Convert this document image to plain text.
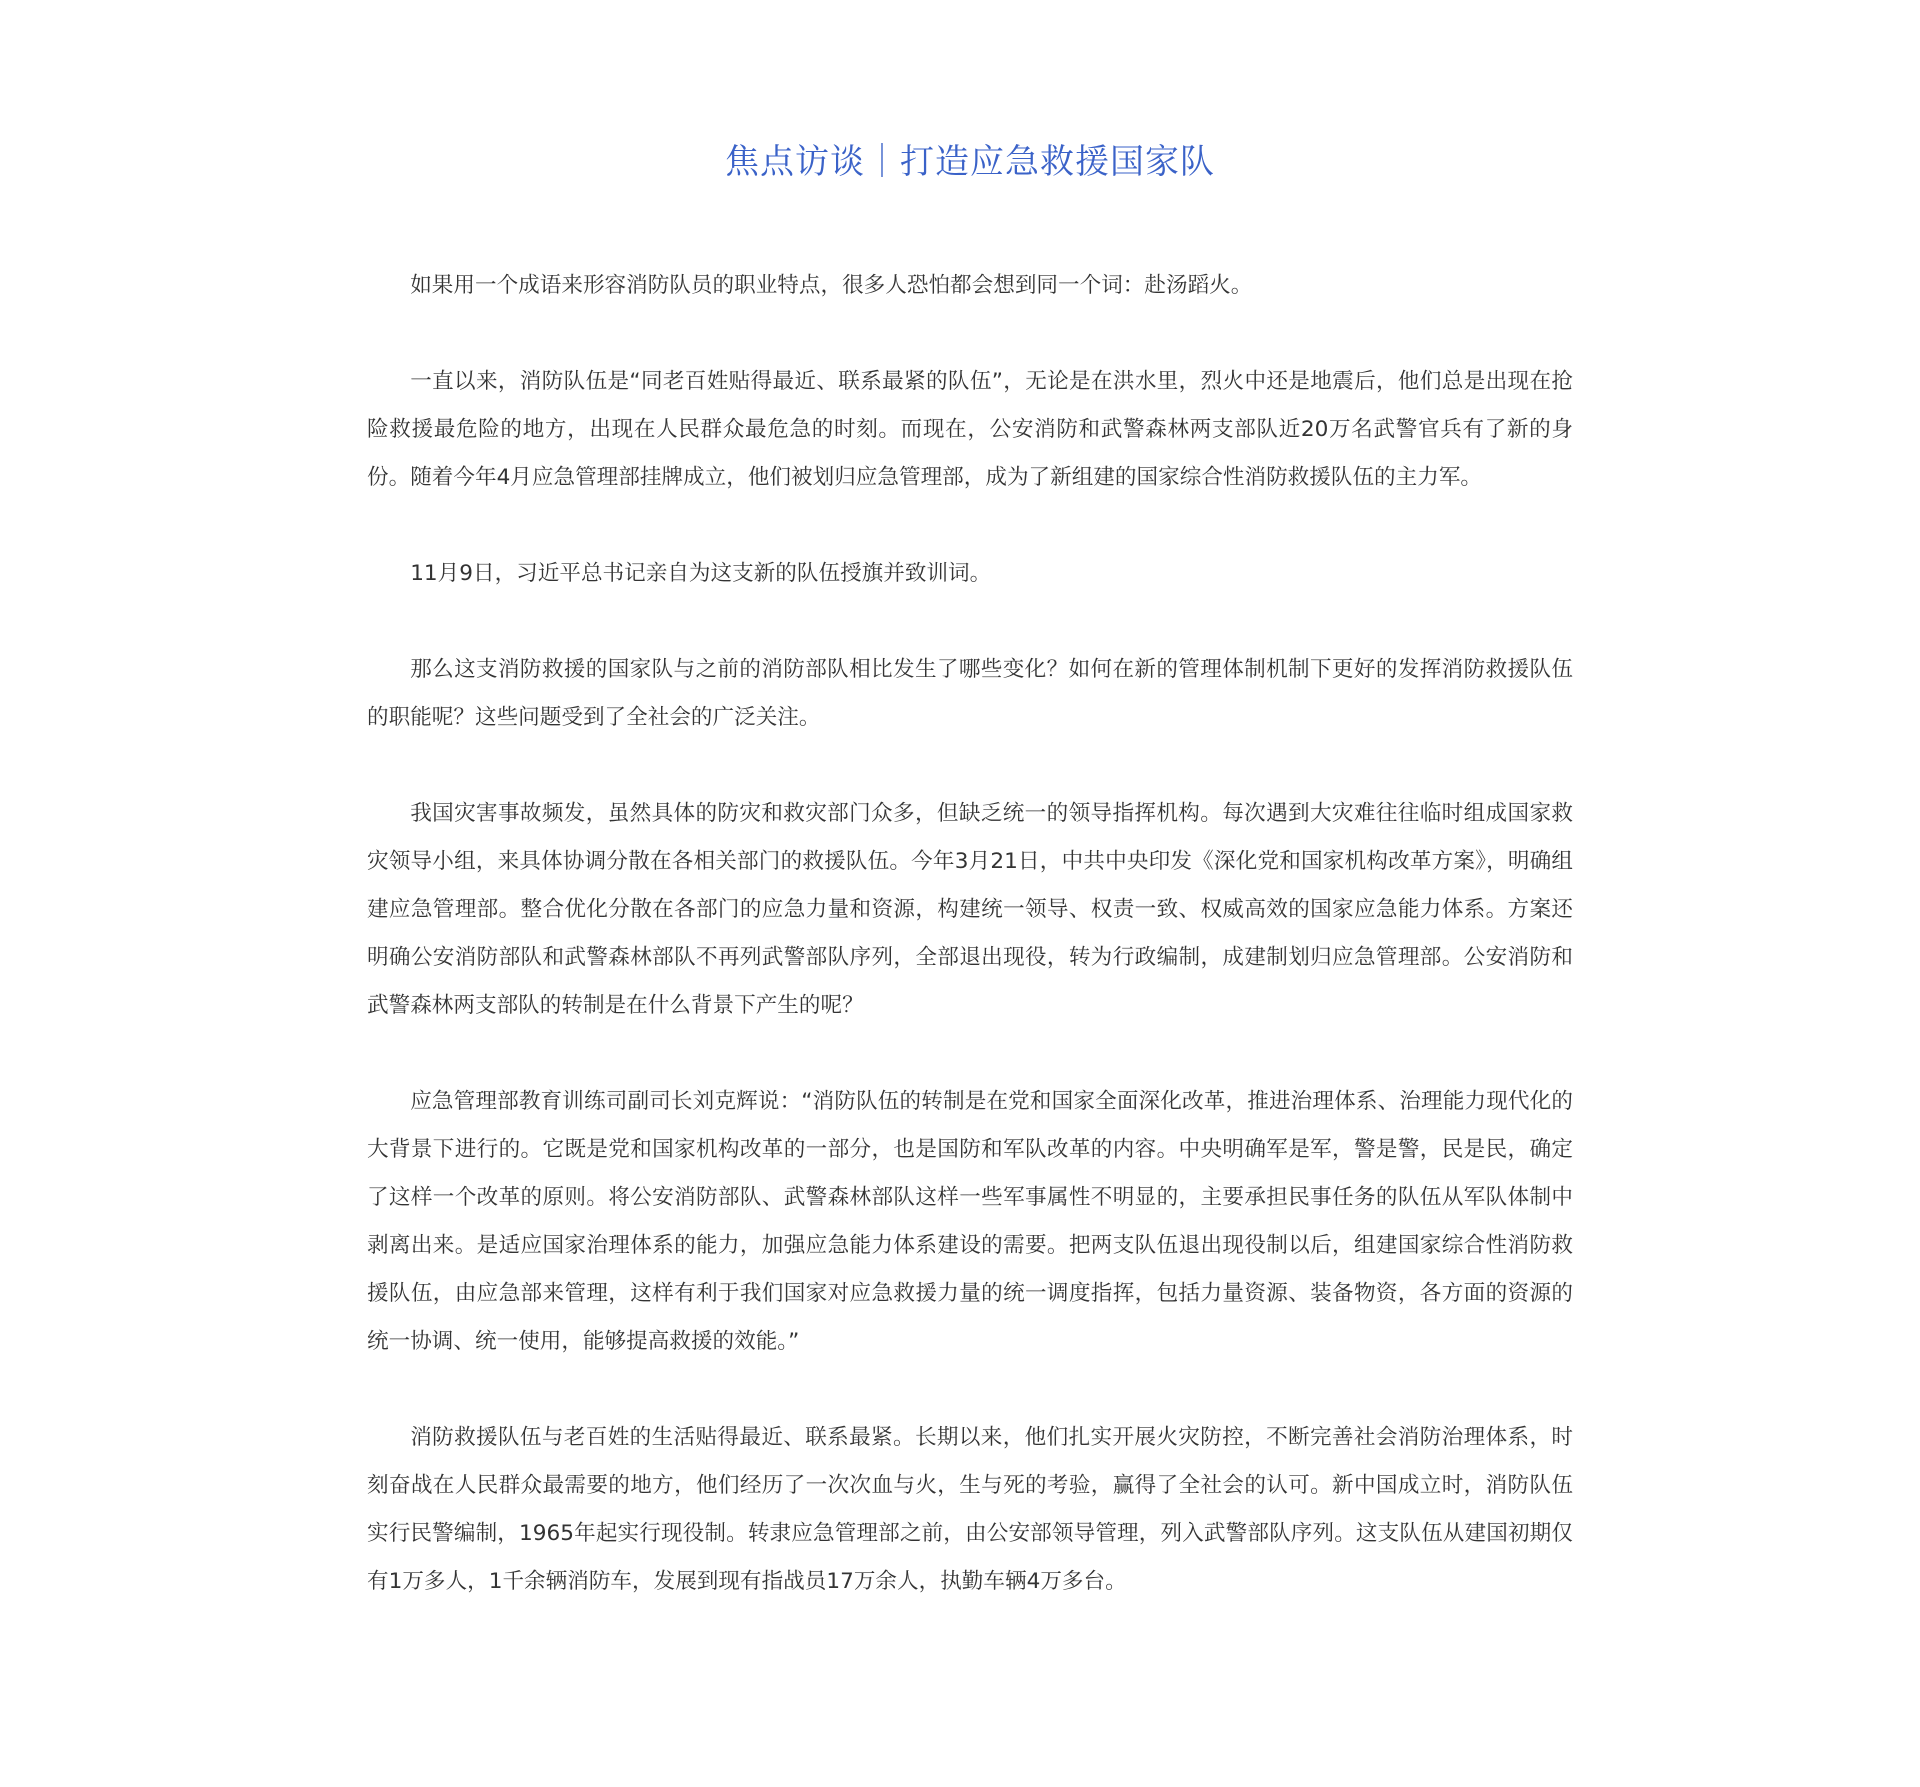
焦点访谈｜打造应急救援国家队

如果用一个成语来形容消防队员的职业特点，很多人恐怕都会想到同一个词：赴汤蹈火。

一直以来，消防队伍是“同老百姓贴得最近、联系最紧的队伍”，无论是在洪水里，烈火中还是地震后，他们总是出现在抢险救援最危险的地方，出现在人民群众最危急的时刻。而现在，公安消防和武警森林两支部队近20万名武警官兵有了新的身份。随着今年4月应急管理部挂牌成立，他们被划归应急管理部，成为了新组建的国家综合性消防救援队伍的主力军。

11月9日，习近平总书记亲自为这支新的队伍授旗并致训词。

那么这支消防救援的国家队与之前的消防部队相比发生了哪些变化？如何在新的管理体制机制下更好的发挥消防救援队伍的职能呢？这些问题受到了全社会的广泛关注。

我国灾害事故频发，虽然具体的防灾和救灾部门众多，但缺乏统一的领导指挥机构。每次遇到大灾难往往临时组成国家救灾领导小组，来具体协调分散在各相关部门的救援队伍。今年3月21日，中共中央印发《深化党和国家机构改革方案》，明确组建应急管理部。整合优化分散在各部门的应急力量和资源，构建统一领导、权责一致、权威高效的国家应急能力体系。方案还明确公安消防部队和武警森林部队不再列武警部队序列，全部退出现役，转为行政编制，成建制划归应急管理部。公安消防和武警森林两支部队的转制是在什么背景下产生的呢？

应急管理部教育训练司副司长刘克辉说：“消防队伍的转制是在党和国家全面深化改革，推进治理体系、治理能力现代化的大背景下进行的。它既是党和国家机构改革的一部分，也是国防和军队改革的内容。中央明确军是军，警是警，民是民，确定了这样一个改革的原则。将公安消防部队、武警森林部队这样一些军事属性不明显的，主要承担民事任务的队伍从军队体制中剥离出来。是适应国家治理体系的能力，加强应急能力体系建设的需要。把两支队伍退出现役制以后，组建国家综合性消防救援队伍，由应急部来管理，这样有利于我们国家对应急救援力量的统一调度指挥，包括力量资源、装备物资，各方面的资源的统一协调、统一使用，能够提高救援的效能。”

消防救援队伍与老百姓的生活贴得最近、联系最紧。长期以来，他们扎实开展火灾防控，不断完善社会消防治理体系，时刻奋战在人民群众最需要的地方，他们经历了一次次血与火，生与死的考验，赢得了全社会的认可。新中国成立时，消防队伍实行民警编制，1965年起实行现役制。转隶应急管理部之前，由公安部领导管理，列入武警部队序列。这支队伍从建国初期仅有1万多人，1千余辆消防车，发展到现有指战员17万余人，执勤车辆4万多台。
